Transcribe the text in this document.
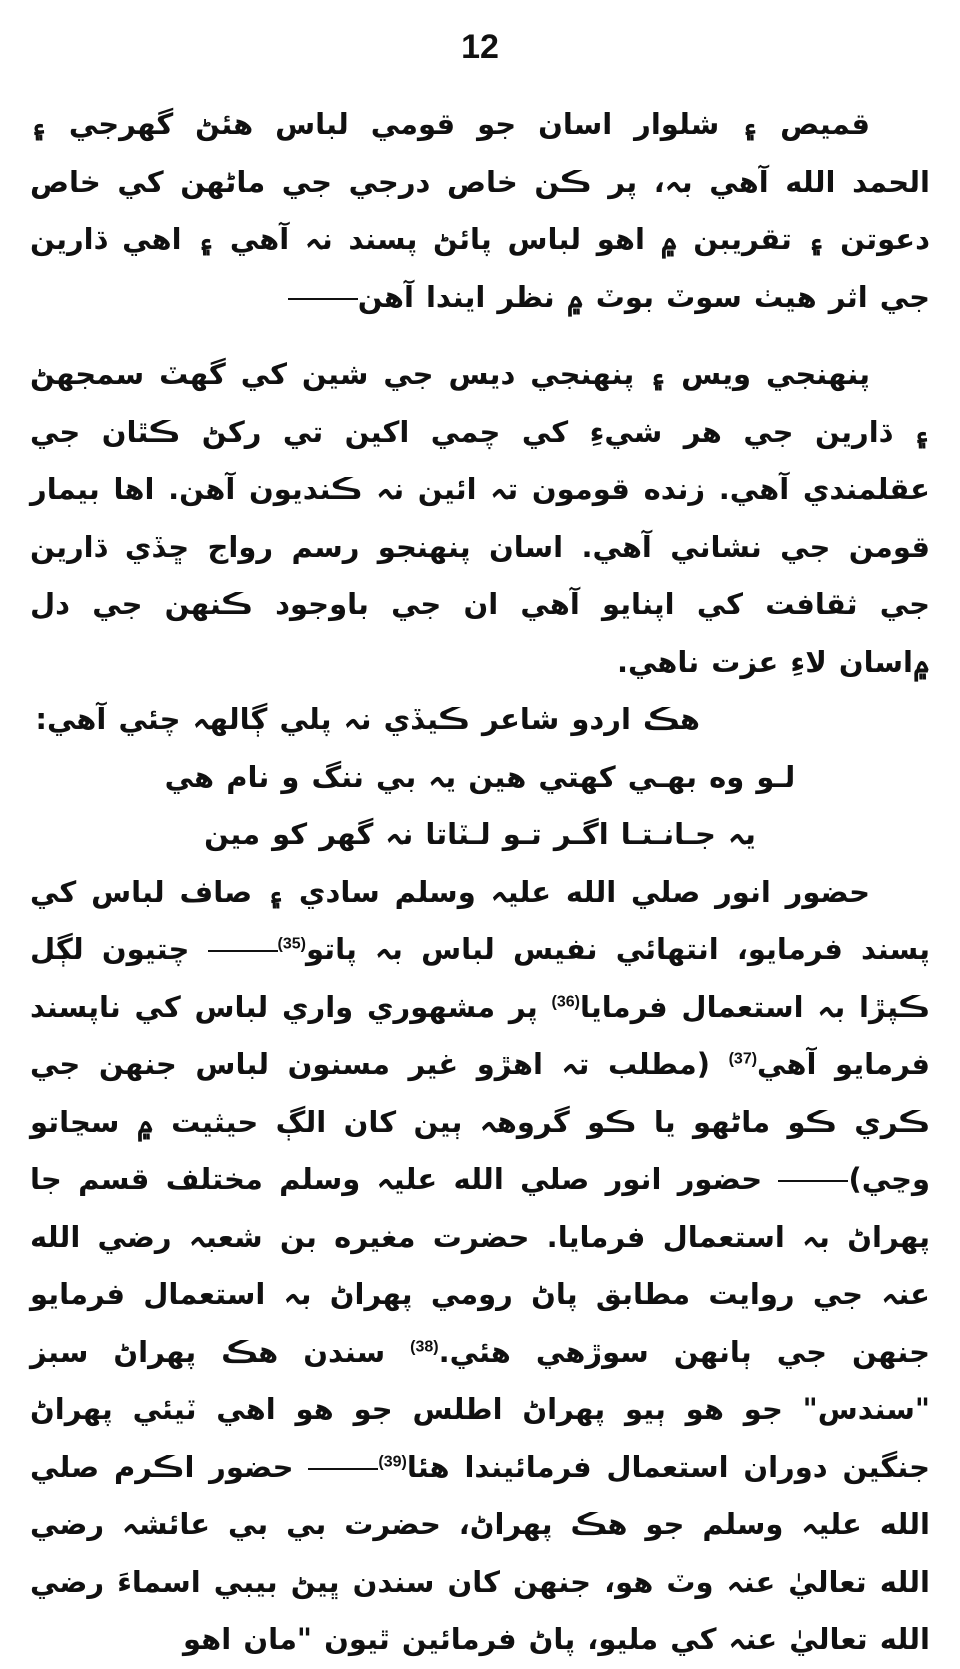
12

قميص ۽ شلوار اسان جو قومي لباس هئڻ گهرجي ۽ الحمد الله آهي بہ، پر ڪن خاص درجي جي ماڻهن کي خاص دعوتن ۽ تقريبن ۾ اهو لباس پائڻ پسند نہ آهي ۽ اهي ڌارين جي اثر هيٺ سوٽ بوٽ ۾ نظر ايندا آهن

پنهنجي ويس ۽ پنهنجي ديس جي شين کي گهٽ سمجهڻ ۽ ڌارين جي هر شيءِ کي چمي اکين تي رکڻ ڪٿان جي عقلمندي آهي. زنده قومون تہ ائين نہ ڪنديون آهن. اها بيمار قومن جي نشاني آهي. اسان پنهنجو رسم رواج ڇڏي ڌارين جي ثقافت کي اپنايو آهي ان جي باوجود ڪنهن جي دل ۾اسان لاءِ عزت ناهي.

هڪ اردو شاعر ڪيڏي نہ پلي ڳالهہ چئي آهي:

لـو وه بهـي كهتي هين يہ بي ننگ و نام هي

يہ جـانـتـا اگـر تـو لـٽاتا نہ گهر كو مين

حضور انور صلي الله عليہ وسلم سادي ۽ صاف لباس کي پسند فرمايو، انتهائي نفيس لباس بہ پاتو$^{(35)}$ چتيون لڳل ڪپڙا بہ استعمال فرمايا$^{(36)}$ پر مشهوري واري لباس کي ناپسند فرمايو آهي$^{(37)}$ (مطلب تہ اهڙو غير مسنون لباس جنهن جي ڪري ڪو ماڻهو يا ڪو گروهہ ٻين کان الڳ حيثيت ۾ سڃاتو وڃي) حضور انور صلي الله عليہ وسلم مختلف قسم جا پهراڻ بہ استعمال فرمايا. حضرت مغيره بن شعبہ رضي الله عنہ جي روايت مطابق پاڻ رومي پهراڻ بہ استعمال فرمايو جنهن جي ٻانهن سوڙهي هئي.$^{(38)}$ سندن هڪ پهراڻ سبز "سندس" جو هو ٻيو پهراڻ اطلس جو هو اهي ٽيئي پهراڻ جنگين دوران استعمال فرمائيندا هئا$^{(39)}$ حضور اڪرم صلي الله عليہ وسلم جو هڪ پهراڻ، حضرت بي بي عائشہ رضي الله تعاليٰ عنہ وٽ هو، جنهن کان سندن ڀيڻ بيبي اسماءَ رضي الله تعاليٰ عنہ کي مليو، پاڻ فرمائين ٿيون "مان اهو
